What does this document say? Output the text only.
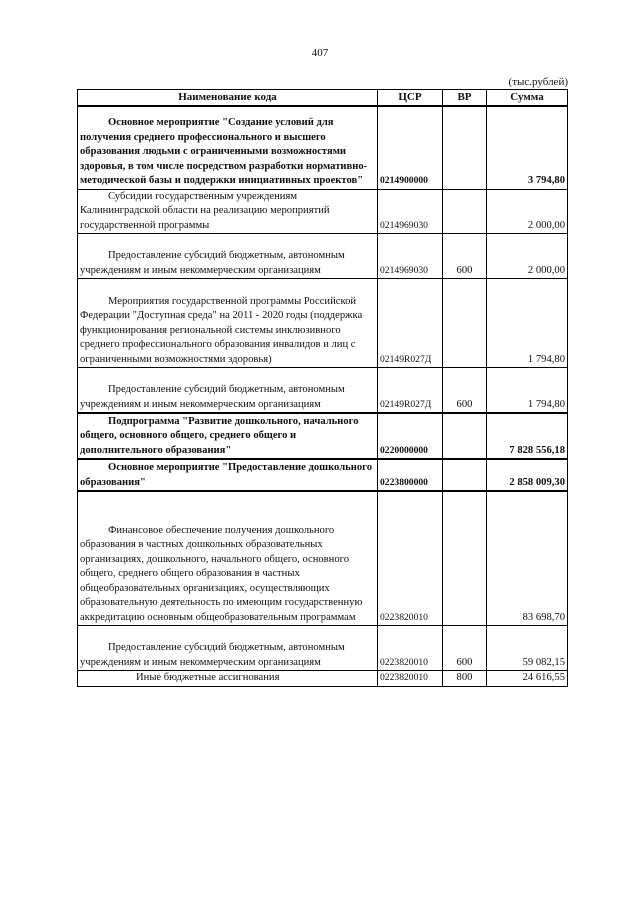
407
(тыс.рублей)
Наименование кода	ЦСР	ВР	Сумма
Основное мероприятие "Создание условий для получения среднего профессионального и высшего образования людьми с ограниченными возможностями здоровья, в том числе посредством разработки нормативно- методической базы и поддержки инициативных проектов"	0214900000		3 794,80
Субсидии государственным учреждениям Калининградской области на реализацию мероприятий государственной программы	0214969030		2 000,00
Предоставление субсидий бюджетным, автономным учреждениям и иным некоммерческим организациям	0214969030	600	2 000,00
Мероприятия государственной программы Российской Федерации "Доступная среда" на 2011 - 2020 годы (поддержка функционирования региональной системы инклюзивного среднего профессионального образования инвалидов и лиц с ограниченными возможностями здоровья)	02149R027Д		1 794,80
Предоставление субсидий бюджетным, автономным учреждениям и иным некоммерческим организациям	02149R027Д	600	1 794,80
Подпрограмма "Развитие дошкольного, начального общего, основного общего, среднего общего и дополнительного образования"	0220000000		7 828 556,18
Основное мероприятие "Предоставление дошкольного образования"	0223800000		2 858 009,30
Финансовое обеспечение получения дошкольного образования в частных дошкольных образовательных организациях, дошкольного, начального общего, основного общего, среднего общего образования в частных общеобразовательных организациях, осуществляющих образовательную деятельность по имеющим государственную аккредитацию основным общеобразовательным программам	0223820010		83 698,70
Предоставление субсидий бюджетным, автономным учреждениям и иным некоммерческим организациям	0223820010	600	59 082,15
Иные бюджетные ассигнования	0223820010	800	24 616,55
